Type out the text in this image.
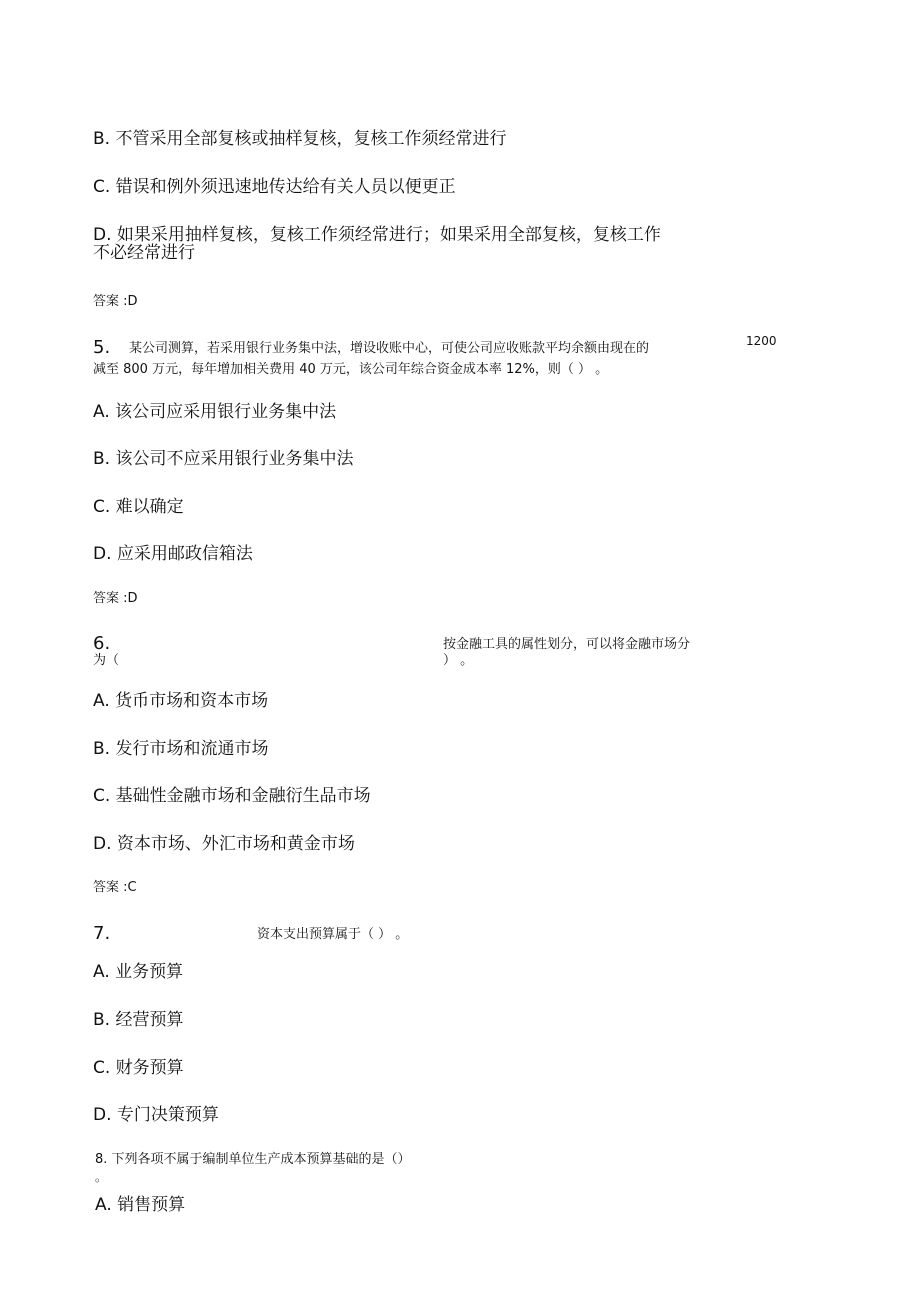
B. 不管采用全部复核或抽样复核，复核工作须经常进行
C. 错误和例外须迅速地传达给有关人员以便更正
D. 如果采用抽样复核，复核工作须经常进行；如果采用全部复核，复核工作
不必经常进行
答案 :D
5. 某公司测算，若采用银行业务集中法，增设收账中心，可使公司应收账款平均余额由现在的	1200
减至 800 万元，每年增加相关费用 40 万元，该公司年综合资金成本率 12%，则（ ） 。
A. 该公司应采用银行业务集中法
B. 该公司不应采用银行业务集中法
C. 难以确定
D. 应采用邮政信箱法
答案 :D
6.
为（
按金融工具的属性划分，可以将金融市场分
） 。
A. 货币市场和资本市场
B. 发行市场和流通市场
C. 基础性金融市场和金融衍生品市场
D. 资本市场、外汇市场和黄金市场
答案 :C
7.	资本支出预算属于（ ） 。
A. 业务预算
B. 经营预算
C. 财务预算
D. 专门决策预算
8. 下列各项不属于编制单位生产成本预算基础的是（）
。
A. 销售预算
